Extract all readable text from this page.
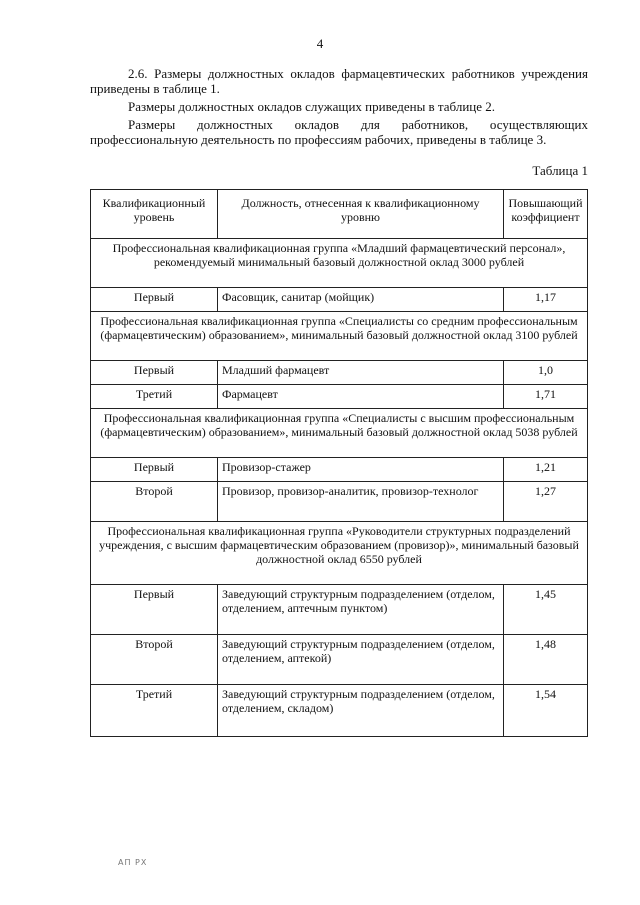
4

2.6. Размеры должностных окладов фармацевтических работников учреждения приведены в таблице 1.

Размеры должностных окладов служащих приведены в таблице 2.

Размеры должностных окладов для работников, осуществляющих профессиональную деятельность по профессиям рабочих, приведены в таблице 3.

Таблица 1
Квалификационный уровень	Должность, отнесенная к квалификационному уровню	Повышающий коэффициент
Профессиональная квалификационная группа «Младший фармацевтический персонал», рекомендуемый минимальный базовый должностной оклад 3000 рублей		
Первый	Фасовщик, санитар (мойщик)	1,17
Профессиональная квалификационная группа «Специалисты со средним профессиональным (фармацевтическим) образованием», минимальный базовый должностной оклад 3100 рублей		
Первый	Младший фармацевт	1,0
Третий	Фармацевт	1,71
Профессиональная квалификационная группа «Специалисты с высшим профессиональным (фармацевтическим) образованием», минимальный базовый должностной оклад 5038 рублей		
Первый	Провизор-стажер	1,21
Второй	Провизор, провизор-аналитик, провизор-технолог	1,27
Профессиональная квалификационная группа «Руководители структурных подразделений учреждения, с высшим фармацевтическим образованием (провизор)», минимальный базовый должностной оклад 6550 рублей		
Первый	Заведующий структурным подразделением (отделом, отделением, аптечным пунктом)	1,45
Второй	Заведующий структурным подразделением (отделом, отделением, аптекой)	1,48
Третий	Заведующий структурным подразделением (отделом, отделением, складом)	1,54
АП РХ
